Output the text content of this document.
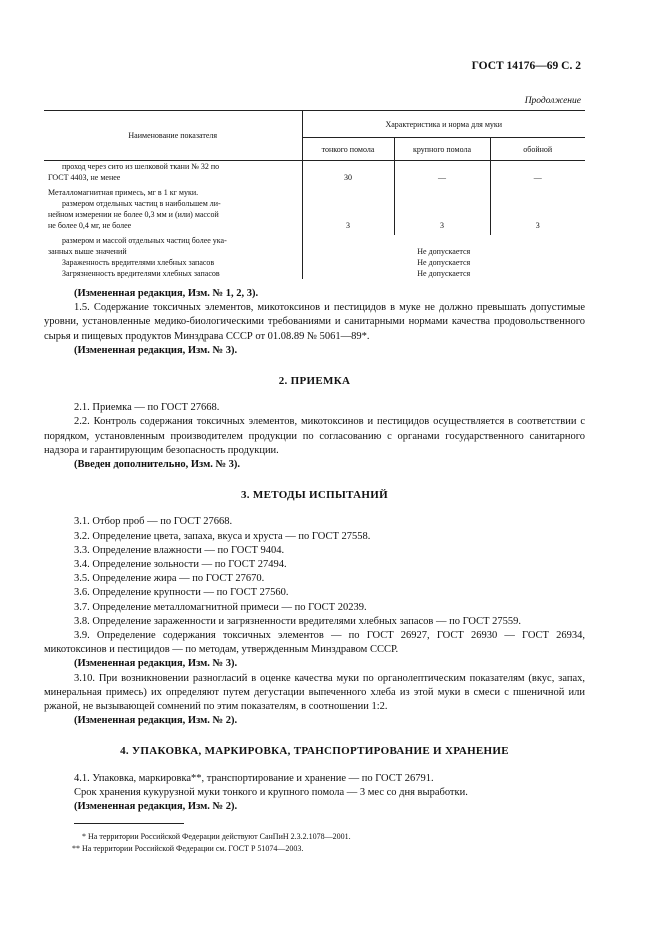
ГОСТ 14176—69 С. 2
Продолжение
Наименование показателя	Характеристика и норма для муки		
	тонкого помола	крупного помола	обойной

проход через сито из шелковой ткани № 32 по
ГОСТ 4403, не менее	30	—	—

Металломагнитная примесь, мг в 1 кг муки.
размером отдельных частиц в наибольшем ли-
нейном измерении не более 0,3 мм и (или) массой
не более 0,4 мг, не более	3	3	3

размером и массой отдельных частиц более ука-
занных выше значений	Не допускается		

Зараженность вредителями хлебных запасов	Не допускается		

Загрязненность вредителями хлебных запасов	Не допускается		

(Измененная редакция, Изм. № 1, 2, 3).

1.5. Содержание токсичных элементов, микотоксинов и пестицидов в муке не должно превышать допустимые уровни, установленные медико-биологическими требованиями и санитарными нормами качества продовольственного сырья и пищевых продуктов Минздрава СССР от 01.08.89 № 5061—89*.

(Измененная редакция, Изм. № 3).

2. ПРИЕМКА

2.1. Приемка — по ГОСТ 27668.

2.2. Контроль содержания токсичных элементов, микотоксинов и пестицидов осуществляется в соответствии с порядком, установленным производителем продукции по согласованию с органами государственного санитарного надзора и гарантирующим безопасность продукции.

(Введен дополнительно, Изм. № 3).

3. МЕТОДЫ ИСПЫТАНИЙ

3.1. Отбор проб — по ГОСТ 27668.

3.2. Определение цвета, запаха, вкуса и хруста — по ГОСТ 27558.

3.3. Определение влажности — по ГОСТ 9404.

3.4. Определение зольности — по ГОСТ 27494.

3.5. Определение жира — по ГОСТ 27670.

3.6. Определение крупности — по ГОСТ 27560.

3.7. Определение металломагнитной примеси — по ГОСТ 20239.

3.8. Определение зараженности и загрязненности вредителями хлебных запасов — по ГОСТ 27559.

3.9. Определение содержания токсичных элементов — по ГОСТ 26927, ГОСТ 26930 — ГОСТ 26934, микотоксинов и пестицидов — по методам, утвержденным Минздравом СССР.

(Измененная редакция, Изм. № 3).

3.10. При возникновении разногласий в оценке качества муки по органолептическим показателям (вкус, запах, минеральная примесь) их определяют путем дегустации выпеченного хлеба из этой муки в смеси с пшеничной или ржаной, не вызывающей сомнений по этим показателям, в соотношении 1:2.

(Измененная редакция, Изм. № 2).

4. УПАКОВКА, МАРКИРОВКА, ТРАНСПОРТИРОВАНИЕ И ХРАНЕНИЕ

4.1. Упаковка, маркировка**, транспортирование и хранение — по ГОСТ 26791.

Срок хранения кукурузной муки тонкого и крупного помола — 3 мес со дня выработки.

(Измененная редакция, Изм. № 2).

* На территории Российской Федерации действуют СанПиН 2.3.2.1078—2001.

** На территории Российской Федерации см. ГОСТ Р 51074—2003.
